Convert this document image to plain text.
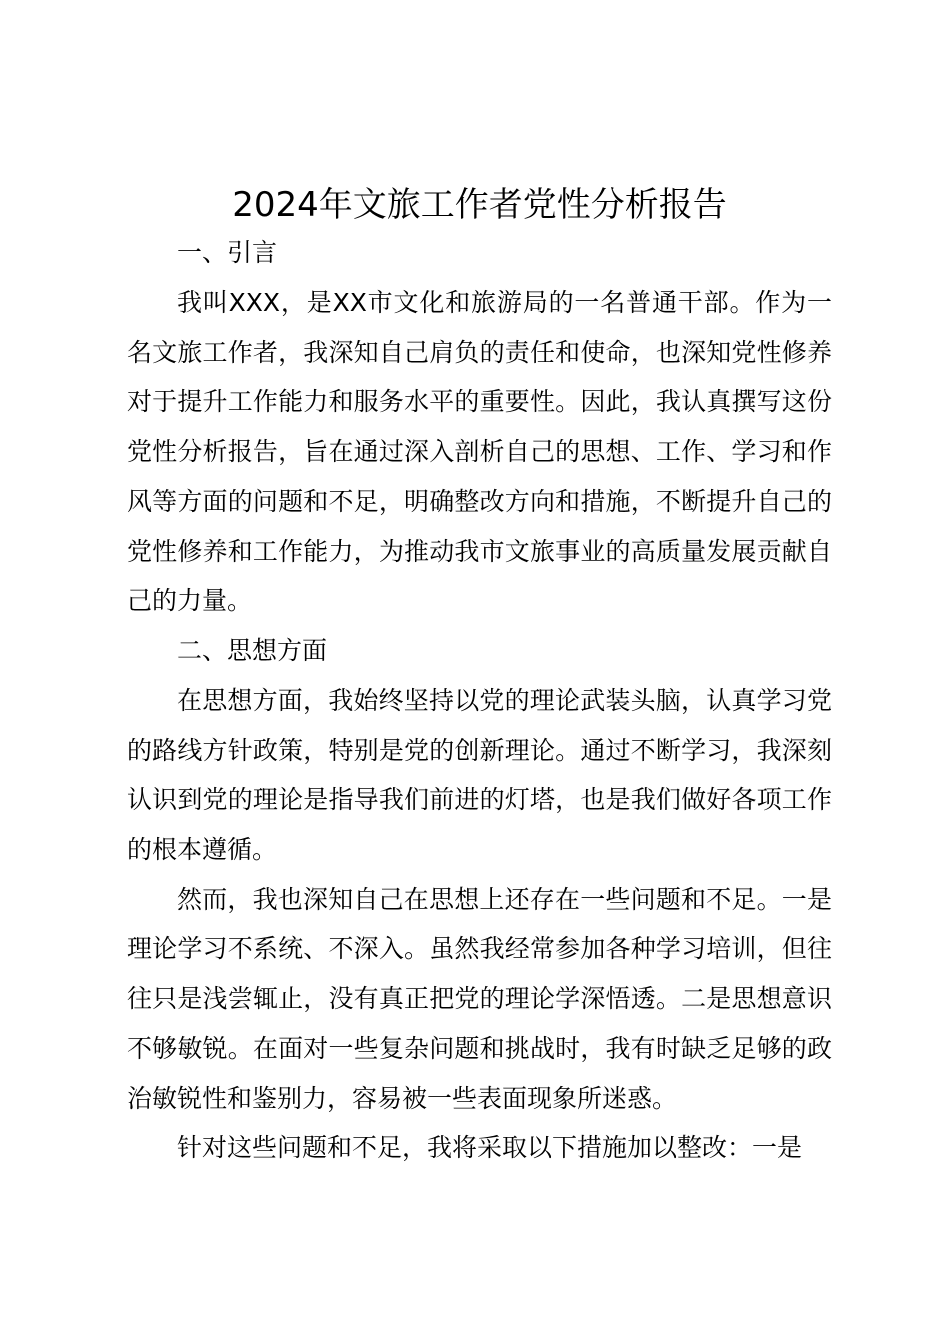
2024年文旅工作者党性分析报告

一、引言

我叫XXX，是XX市文化和旅游局的一名普通干部。作为一名文旅工作者，我深知自己肩负的责任和使命，也深知党性修养对于提升工作能力和服务水平的重要性。因此，我认真撰写这份党性分析报告，旨在通过深入剖析自己的思想、工作、学习和作风等方面的问题和不足，明确整改方向和措施，不断提升自己的党性修养和工作能力，为推动我市文旅事业的高质量发展贡献自己的力量。

二、思想方面

在思想方面，我始终坚持以党的理论武装头脑，认真学习党的路线方针政策，特别是党的创新理论。通过不断学习，我深刻认识到党的理论是指导我们前进的灯塔，也是我们做好各项工作的根本遵循。

然而，我也深知自己在思想上还存在一些问题和不足。一是理论学习不系统、不深入。虽然我经常参加各种学习培训，但往往只是浅尝辄止，没有真正把党的理论学深悟透。二是思想意识不够敏锐。在面对一些复杂问题和挑战时，我有时缺乏足够的政治敏锐性和鉴别力，容易被一些表面现象所迷惑。

针对这些问题和不足，我将采取以下措施加以整改：一是
